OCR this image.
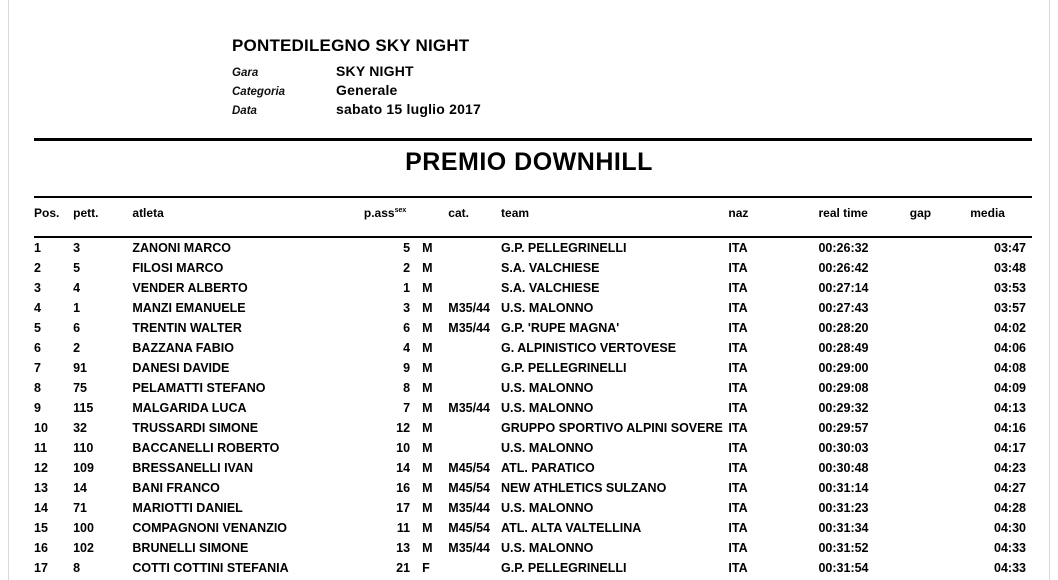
PONTEDILEGNO SKY NIGHT
Gara	SKY NIGHT
Categoria	Generale
Data	sabato 15 luglio 2017
PREMIO DOWNHILL
Pos.	pett.	atleta	p.ass$^{sex}$		cat.	team	naz	real time	gap	media

1	3	ZANONI MARCO	5	M		G.P. PELLEGRINELLI	ITA	00:26:32		03:47
2	5	FILOSI MARCO	2	M		S.A. VALCHIESE	ITA	00:26:42		03:48
3	4	VENDER ALBERTO	1	M		S.A. VALCHIESE	ITA	00:27:14		03:53
4	1	MANZI EMANUELE	3	M	M35/44	U.S. MALONNO	ITA	00:27:43		03:57
5	6	TRENTIN WALTER	6	M	M35/44	G.P. 'RUPE MAGNA'	ITA	00:28:20		04:02
6	2	BAZZANA FABIO	4	M		G. ALPINISTICO VERTOVESE	ITA	00:28:49		04:06
7	91	DANESI DAVIDE	9	M		G.P. PELLEGRINELLI	ITA	00:29:00		04:08
8	75	PELAMATTI STEFANO	8	M		U.S. MALONNO	ITA	00:29:08		04:09
9	115	MALGARIDA LUCA	7	M	M35/44	U.S. MALONNO	ITA	00:29:32		04:13
10	32	TRUSSARDI SIMONE	12	M		GRUPPO SPORTIVO ALPINI SOVERE	ITA	00:29:57		04:16
11	110	BACCANELLI ROBERTO	10	M		U.S. MALONNO	ITA	00:30:03		04:17
12	109	BRESSANELLI IVAN	14	M	M45/54	ATL. PARATICO	ITA	00:30:48		04:23
13	14	BANI FRANCO	16	M	M45/54	NEW ATHLETICS SULZANO	ITA	00:31:14		04:27
14	71	MARIOTTI DANIEL	17	M	M35/44	U.S. MALONNO	ITA	00:31:23		04:28
15	100	COMPAGNONI VENANZIO	11	M	M45/54	ATL. ALTA VALTELLINA	ITA	00:31:34		04:30
16	102	BRUNELLI SIMONE	13	M	M35/44	U.S. MALONNO	ITA	00:31:52		04:33
17	8	COTTI COTTINI STEFANIA	21	F		G.P. PELLEGRINELLI	ITA	00:31:54		04:33
